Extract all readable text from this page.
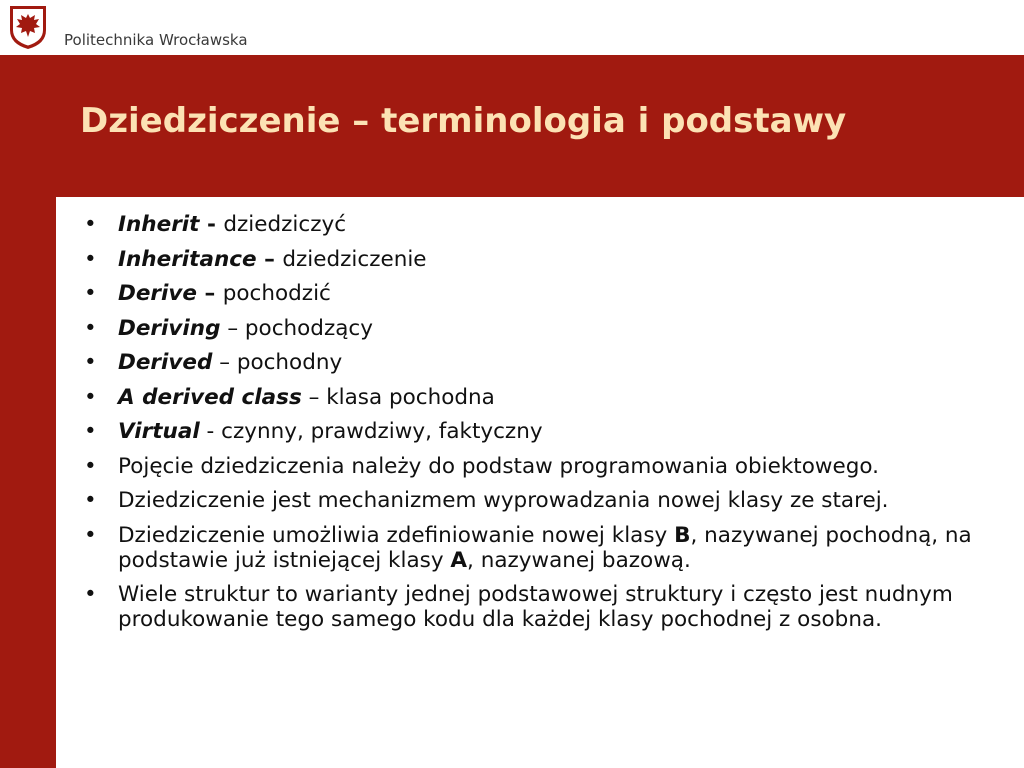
Politechnika Wrocławska
Dziedziczenie – terminologia i podstawy
• Inherit - dziedziczyć
• Inheritance – dziedziczenie
• Derive – pochodzić
• Deriving – pochodzący
• Derived – pochodny
• A derived class – klasa pochodna
• Virtual - czynny, prawdziwy, faktyczny
• Pojęcie dziedziczenia należy do podstaw programowania obiektowego.
• Dziedziczenie jest mechanizmem wyprowadzania nowej klasy ze starej.
• Dziedziczenie umożliwia zdefiniowanie nowej klasy B, nazywanej pochodną, na podstawie już istniejącej klasy A, nazywanej bazową.
• Wiele struktur to warianty jednej podstawowej struktury i często jest nudnym produkowanie tego samego kodu dla każdej klasy pochodnej z osobna.
